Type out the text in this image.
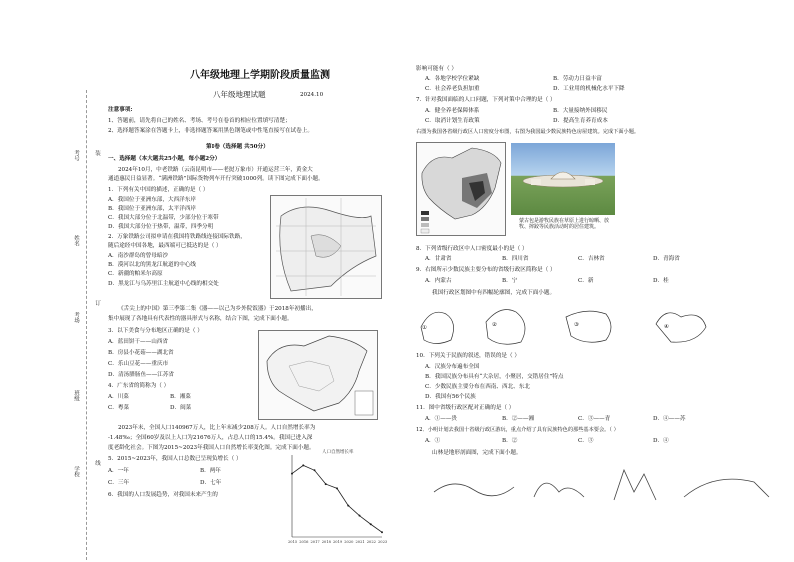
考号
姓名
考场
班级
学校
装
订
线
八年级地理上学期阶段质量监测
八年级地理试题	2024.10
注意事项:
1、答题前，请先将自己的姓名、考场、考号在卷首的相应位置填写清楚；
2、选择题答案涂在答题卡上，非选择题答案用黑色钢笔或中性笔直接写在试卷上。
第Ⅰ卷（选择题 共50分）
一、选择题（本大题共25小题，每小题2分）
2024年10月，中老铁路（云南昆明市——老挝万象市）开通运营三年，黄金大
通道惠民日益显著。“满洲铁路”国际货物列车开行突破1000列。读下图完成下面小题。
1．下列有关中国的描述，正确的是（ ）
A．我国位于亚洲东部，大西洋东岸
B．我国位于亚洲东部，太平洋西岸
C．我国大部分位于北温带，少部分位于寒带
D．我国大部分位于热带，温带，四季分明
2．万象铁路公司拟申请在我国将铁路线连接国际铁路，
随后途经中国各地，最西端可已抵达的是（ ）
A．南沙群岛的曾母暗沙
B．漠河以北的黑龙江航道的中心线
C．新疆的帕米尔高原
D．黑龙江与乌苏里江主航道中心线的相交处
《舌尖上的中国》第三季第二集《器——以己为乡外院饭器》于2018年初播出，
集中展现了各地具有代表性的器具形式与名称，结合下图，完成下面小题。
3．以下美食与分布地区正确的是（ ）
A．蓝田饼干——山西省
B．房县小花菇——湖北省
C．乐山豆花——重庆市
D．清汤腊肠鱼——江苏省
4．广东省的简称为（ ）
A．川菜	B．湘菜
C．粤菜	D．闽菜
2023年末，全国人口140967万人，比上年末减少208万人。人口自然增长率为
-1.48‰；全国60岁及以上人口为21676万人，占总人口的15.4%。我国已进入深
度老龄化社会。下图为2015~2023年我国人口自然增长率变化图。完成下面小题。
5．2015~2023年，我国人口总数已呈现负增长（ ）
A．一年	B．两年
C．三年	D．七年
6．我国的人口发展趋势，对我国未来产生的
人口自然增长率
2015 2016 2017 2018 2019 2020 2021 2022 2023
影响可能有（ ）
A．各地学校学位紧缺	B．劳动力日益丰富
C．社会养老负担加重	D．工业用的机械化水平下降
7．针对我国面临的人口问题，下列对策中合理的是（ ）
A．健全养老保障体系	B．大量接纳外国移民
C．取消计划生育政策	D．提高生育养育成本
右图为我国各省级行政区人口密度分布图，右图为我国最少数民族特色房屋建筑。完成下面小题。
蒙古包是游牧民族在草原上进行晾晒、放牧、摔跤等民族活动时的居住建筑。
8．下列省级行政区中人口密度最小的是（ ）
A．甘肃省	B．四川省	C．吉林省	D．青海省
9．右图所示少数民族主要分布的省级行政区简称是（ ）
A．内蒙古	B．宁	C．新	D．桂
我国行政区划图中有四幅轮廓图，完成下面小题。
①	②	③	④
10．下列关于民族的叙述，错误的是（ ）
A．汉族分布遍布全国
B．我国民族分布具有“大杂居，小聚居，交错居住”特点
C．少数民族主要分布在西南、西北、东北
D．我国有56个民族
11．图中省级行政区配对正确的是（ ）
A．①——贵	B．②——湘	C．③——青	D．④——苏
12．小明计划去我国十省级行政区游玩，重点介绍了具有民族特色的那些基本要会。（ ）
A．①	B．②	C．③	D．④
山林是地形剖面图，完成下面小题。
